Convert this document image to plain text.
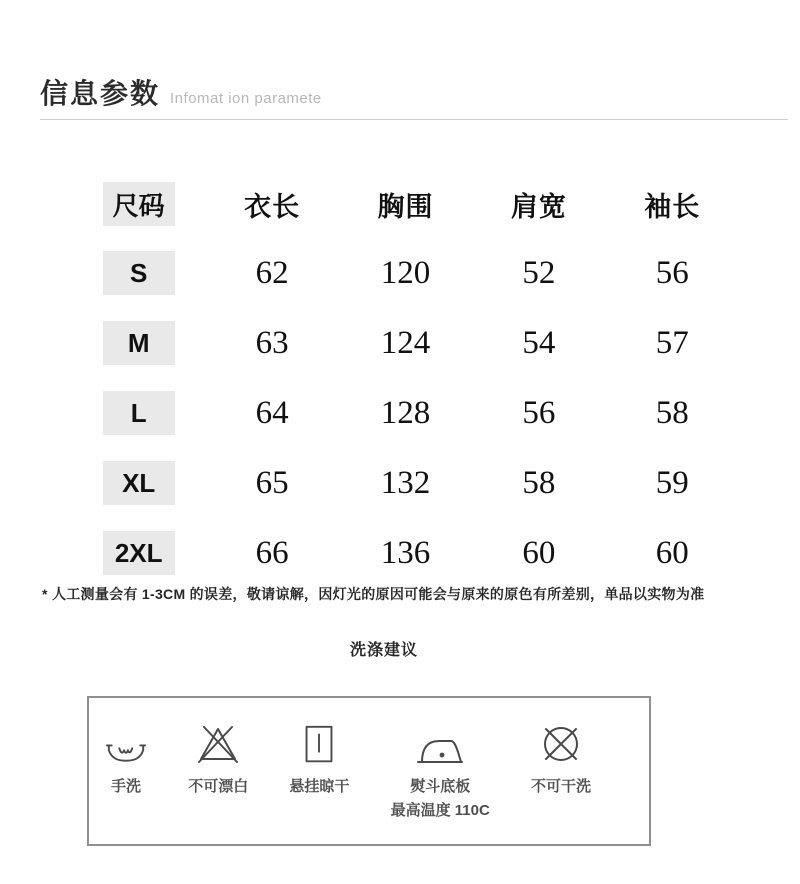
信息参数 Infomat ion paramete
尺码	衣长	胸围	肩宽	袖长
S	62	120	52	56
M	63	124	54	57
L	64	128	56	58
XL	65	132	58	59
2XL	66	136	60	60
* 人工测量会有 1-3CM 的误差，敬请谅解，因灯光的原因可能会与原来的原色有所差别，单品以实物为准
洗涤建议
手洗	不可漂白	悬挂晾干	熨斗底板
最高温度 110C
不可干洗
